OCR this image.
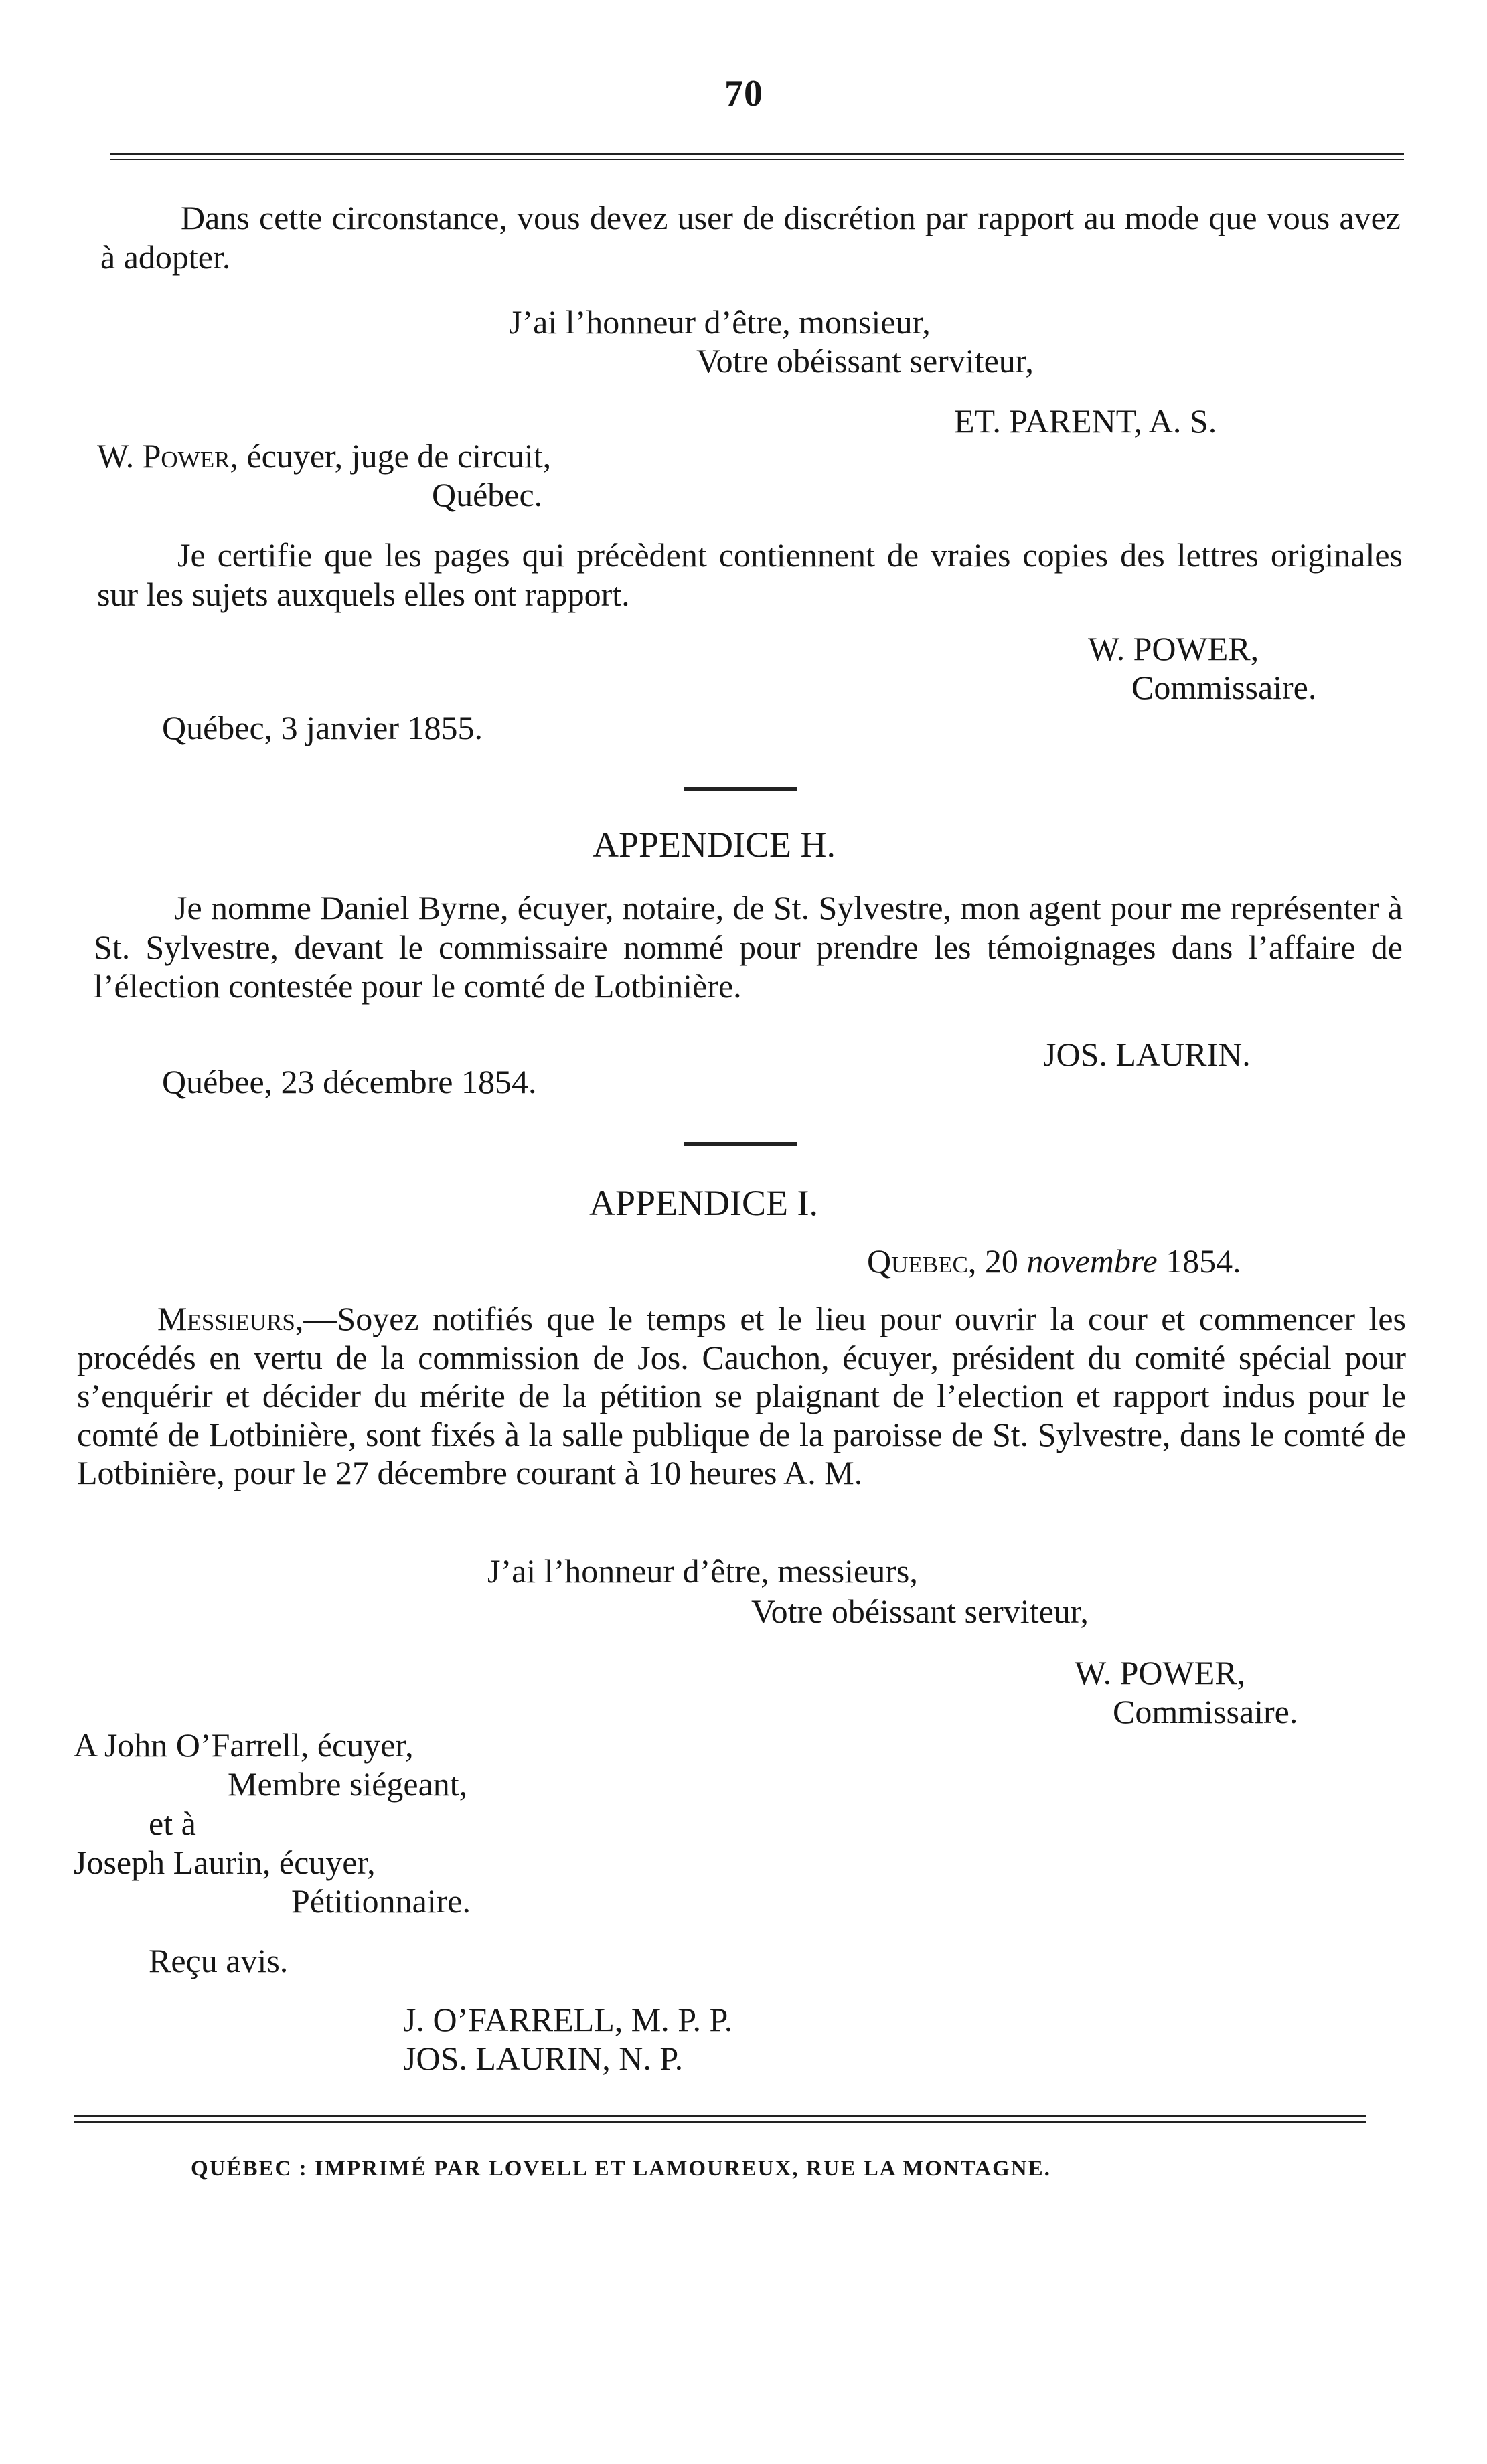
70
Dans cette circonstance, vous devez user de discrétion par rapport au mode que vous avez à adopter.
J’ai l’honneur d’être, monsieur,
Votre obéissant serviteur,
ET. PARENT, A. S.
W. Power, écuyer, juge de circuit,
Québec.
Je certifie que les pages qui précèdent contiennent de vraies copies des lettres originales sur les sujets auxquels elles ont rapport.
W. POWER,
Commissaire.
Québec, 3 janvier 1855.
APPENDICE H.
Je nomme Daniel Byrne, écuyer, notaire, de St. Sylvestre, mon agent pour me représenter à St. Sylvestre, devant le commissaire nommé pour prendre les témoignages dans l’affaire de l’élection contestée pour le comté de Lotbinière.
JOS. LAURIN.
Québee, 23 décembre 1854.
APPENDICE I.
Quebec, 20 novembre 1854.
Messieurs,—Soyez notifiés que le temps et le lieu pour ouvrir la cour et commencer les procédés en vertu de la commission de Jos. Cauchon, écuyer, président du comité spécial pour s’enquérir et décider du mérite de la pétition se plaignant de l’election et rapport indus pour le comté de Lotbinière, sont fixés à la salle publique de la paroisse de St. Sylvestre, dans le comté de Lotbinière, pour le 27 décembre courant à 10 heures A. M.
J’ai l’honneur d’être, messieurs,
Votre obéissant serviteur,
W. POWER,
Commissaire.
A John O’Farrell, écuyer,
Membre siégeant,
et à
Joseph Laurin, écuyer,
Pétitionnaire.
Reçu avis.
J. O’FARRELL, M. P. P.
JOS. LAURIN, N. P.
QUÉBEC : IMPRIMÉ PAR LOVELL ET LAMOUREUX, RUE LA MONTAGNE.
